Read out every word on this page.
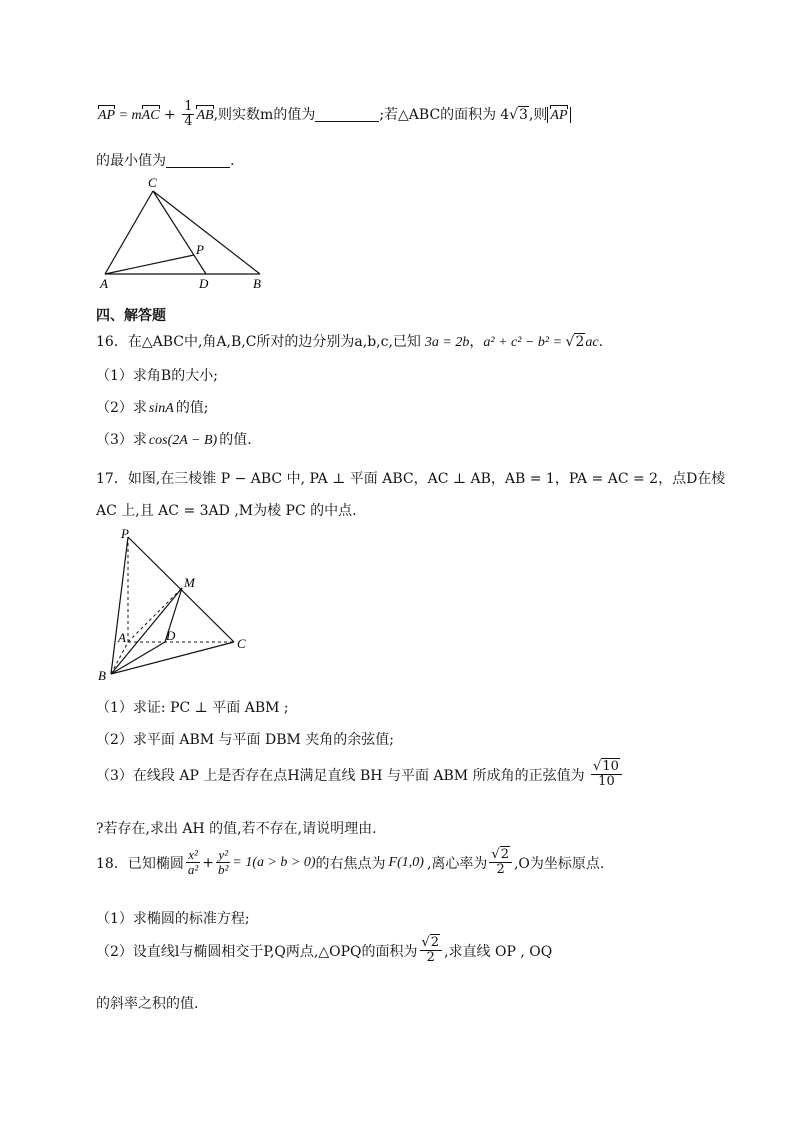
AP = mAC + $\frac{1}{4}$ AB,则实数m的值为	;若△ABC的面积为 4√3,则 AP
的最小值为	.
C
P
A	D	B
四、解答题
16．在△ABC中,角A,B,C所对的边分别为a,b,c,已知 3a = 2b，a² + c² − b² = √2ac.
（1）求角B的大小;
（2）求 sinA 的值;
（3）求 cos(2A − B) 的值.
17．如图,在三棱锥 P − ABC 中, PA ⊥ 平面 ABC，AC ⊥ AB，AB = 1，PA = AC = 2，点D在棱
AC 上,且 AC = 3AD ,M为棱 PC 的中点.
P
M
A	D
C
B
（1）求证: PC ⊥ 平面 ABM ;
（2）求平面 ABM 与平面 DBM 夹角的余弦值;
（3）在线段 AP 上是否存在点H满足直线 BH 与平面 ABM 所成角的正弦值为 $\frac{√10}{10}$
?若存在,求出 AH 的值,若不存在,请说明理由.
18．已知椭圆 $\frac{\text{x²}}{\text{a²}} + \frac{\text{y²}}{\text{b²}} = 1(a > b > 0)$的右焦点为 F(1,0) ,离心率为 $\frac{√2}{2} ,O$为坐标原点.
（1）求椭圆的标准方程;
（2）设直线l与椭圆相交于P,Q两点,△OPQ的面积为 $\frac{√2}{2}$ ,求直线 OP , OQ
的斜率之积的值.
